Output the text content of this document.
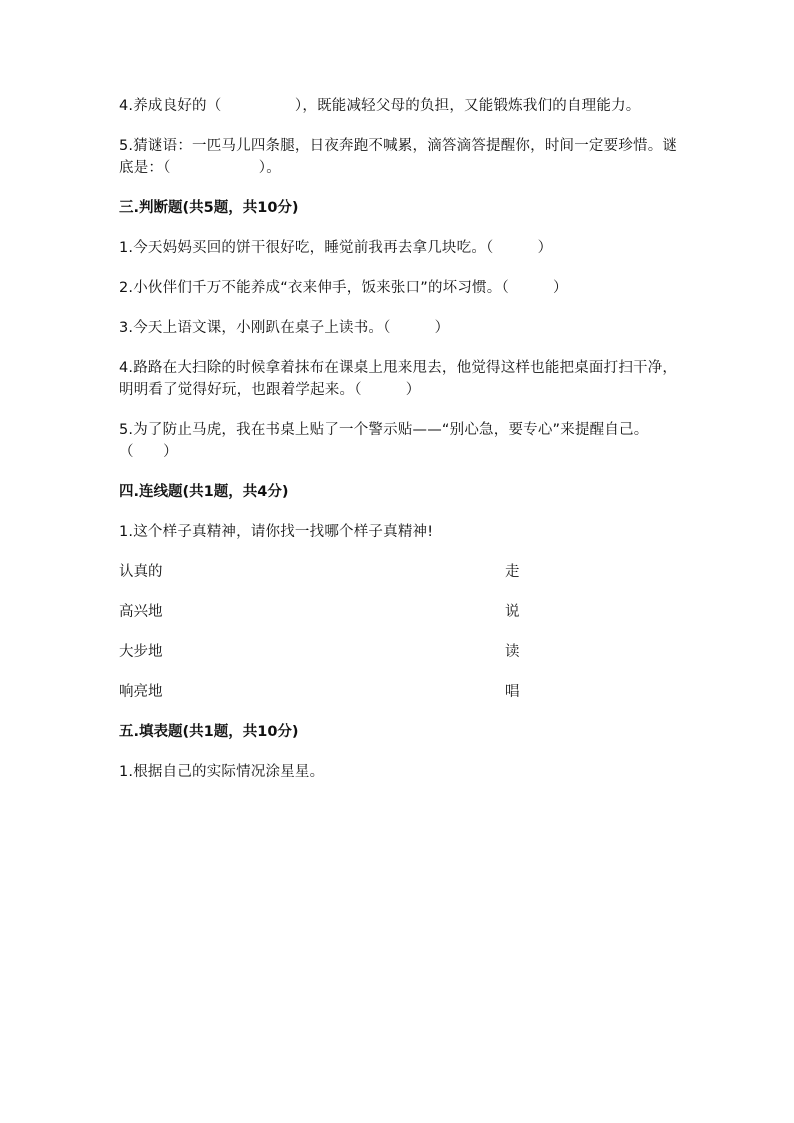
4.养成良好的（　　　　　），既能减轻父母的负担，又能锻炼我们的自理能力。

5.猜谜语：一匹马儿四条腿，日夜奔跑不喊累，滴答滴答提醒你，时间一定要珍惜。谜底是：（　　　　　　）。

三.判断题(共5题，共10分)

1.今天妈妈买回的饼干很好吃，睡觉前我再去拿几块吃。（　　　）

2.小伙伴们千万不能养成“衣来伸手，饭来张口”的坏习惯。（　　　）

3.今天上语文课，小刚趴在桌子上读书。（　　　）

4.路路在大扫除的时候拿着抹布在课桌上甩来甩去，他觉得这样也能把桌面打扫干净，明明看了觉得好玩，也跟着学起来。（　　　）

5.为了防止马虎，我在书桌上贴了一个警示贴——“别心急，要专心”来提醒自己。（　　）

四.连线题(共1题，共4分)

1.这个样子真精神，请你找一找哪个样子真精神!

认真的	走
高兴地	说
大步地	读
响亮地	唱
五.填表题(共1题，共10分)

1.根据自己的实际情况涂星星。
